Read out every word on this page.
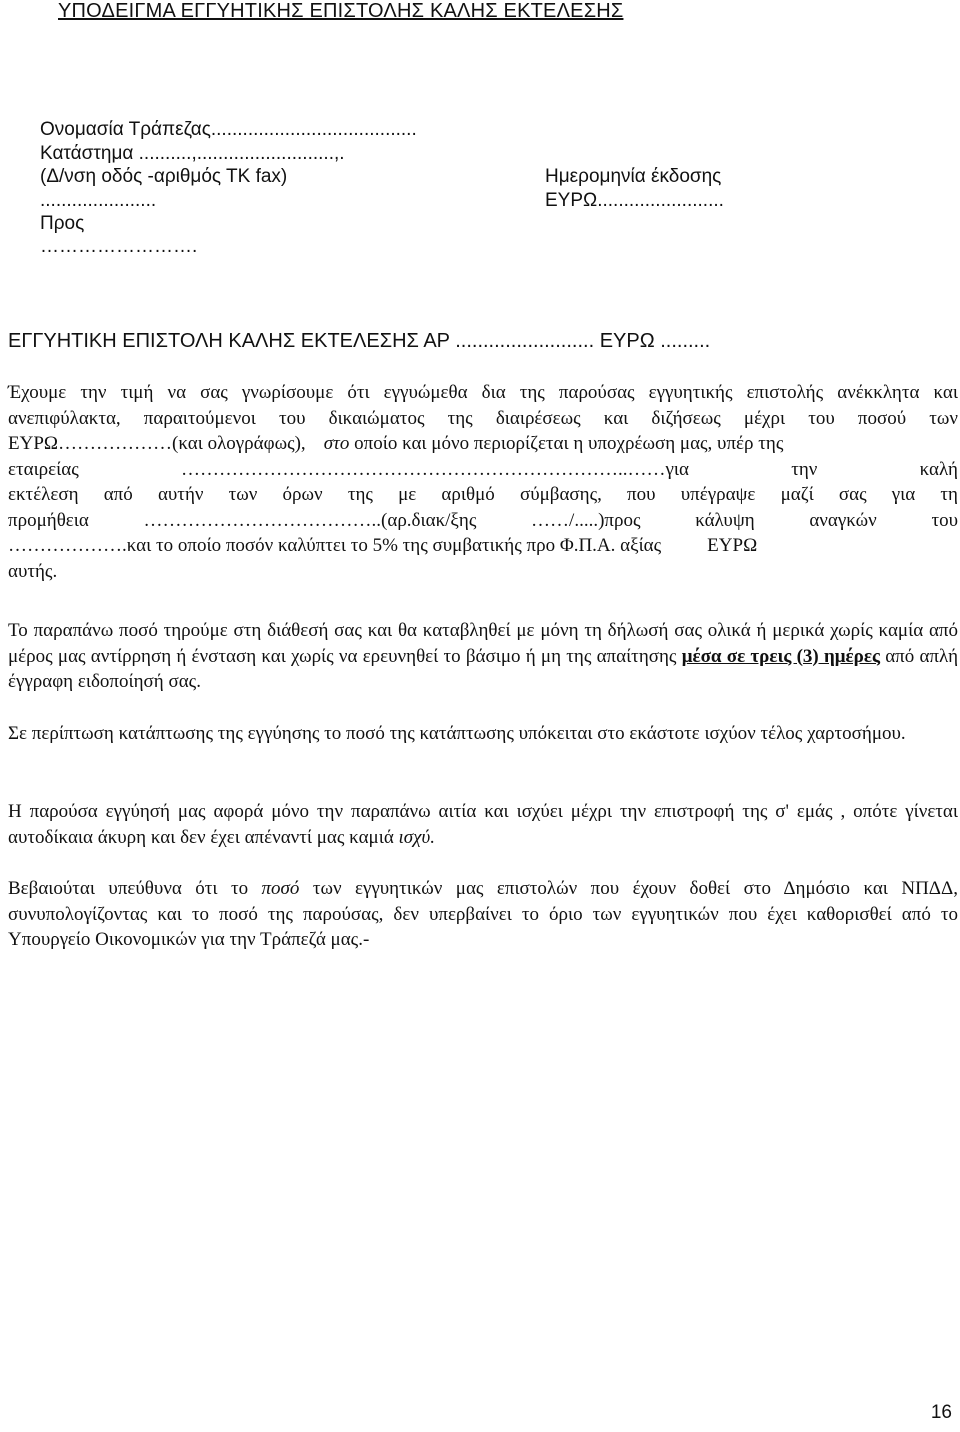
ΥΠΟΔΕΙΓΜΑ ΕΓΓΥΗΤΙΚΗΣ ΕΠΙΣΤΟΛΗΣ ΚΑΛΗΣ ΕΚΤΕΛΕΣΗΣ
Ονομασία Τράπεζας.......................................
Κατάστημα ..........,..........................,.
(Δ/νση οδός -αριθμός ΤΚ fax)
......................
Προς
…………………….
Ημερομηνία έκδοσης
ΕΥΡΩ........................
ΕΓΓΥΗΤΙΚΗ ΕΠΙΣΤΟΛΗ ΚΑΛΗΣ ΕΚΤΕΛΕΣΗΣ ΑΡ ......................... ΕΥΡΩ .........
Έχουμε την τιμή να σας γνωρίσουμε ότι εγγυώμεθα δια της παρούσας εγγυητικής επιστολής ανέκκλητα και
ανεπιφύλακτα, παραιτούμενοι του δικαιώματος της διαιρέσεως και διζήσεως μέχρι του ποσού των
ΕΥΡΩ………………(και ολογράφως), στο οποίο και μόνο περιορίζεται η υποχρέωση μας, υπέρ της
εταιρείας ……………………………………………………………..……για την καλή
εκτέλεση από αυτήν των όρων της με αριθμό σύμβασης, που υπέγραψε μαζί σας για τη
προμήθεια ………………………………..(αρ.διακ/ξης ……/.....)προς κάλυψη αναγκών του
……………….και το οποίο ποσόν καλύπτει το 5% της συμβατικής προ Φ.Π.Α. αξίας ΕΥΡΩ
αυτής.
Το παραπάνω ποσό τηρούμε στη διάθεσή σας και θα καταβληθεί με μόνη τη δήλωσή σας ολικά ή μερικά χωρίς καμία από μέρος μας αντίρρηση ή ένσταση και χωρίς να ερευνηθεί το βάσιμο ή μη της απαίτησης μέσα σε τρεις (3) ημέρες από απλή έγγραφη ειδοποίησή σας.
Σε περίπτωση κατάπτωσης της εγγύησης το ποσό της κατάπτωσης υπόκειται στο εκάστοτε ισχύον τέλος χαρτοσήμου.
Η παρούσα εγγύησή μας αφορά μόνο την παραπάνω αιτία και ισχύει μέχρι την επιστροφή της σ' εμάς , οπότε γίνεται αυτοδίκαια άκυρη και δεν έχει απέναντί μας καμιά ισχύ.
Βεβαιούται υπεύθυνα ότι το ποσό των εγγυητικών μας επιστολών που έχουν δοθεί στο Δημόσιο και ΝΠΔΔ, συνυπολογίζοντας και το ποσό της παρούσας, δεν υπερβαίνει το όριο των εγγυητικών που έχει καθορισθεί από το Υπουργείο Οικονομικών για την Τράπεζά μας.-
16
